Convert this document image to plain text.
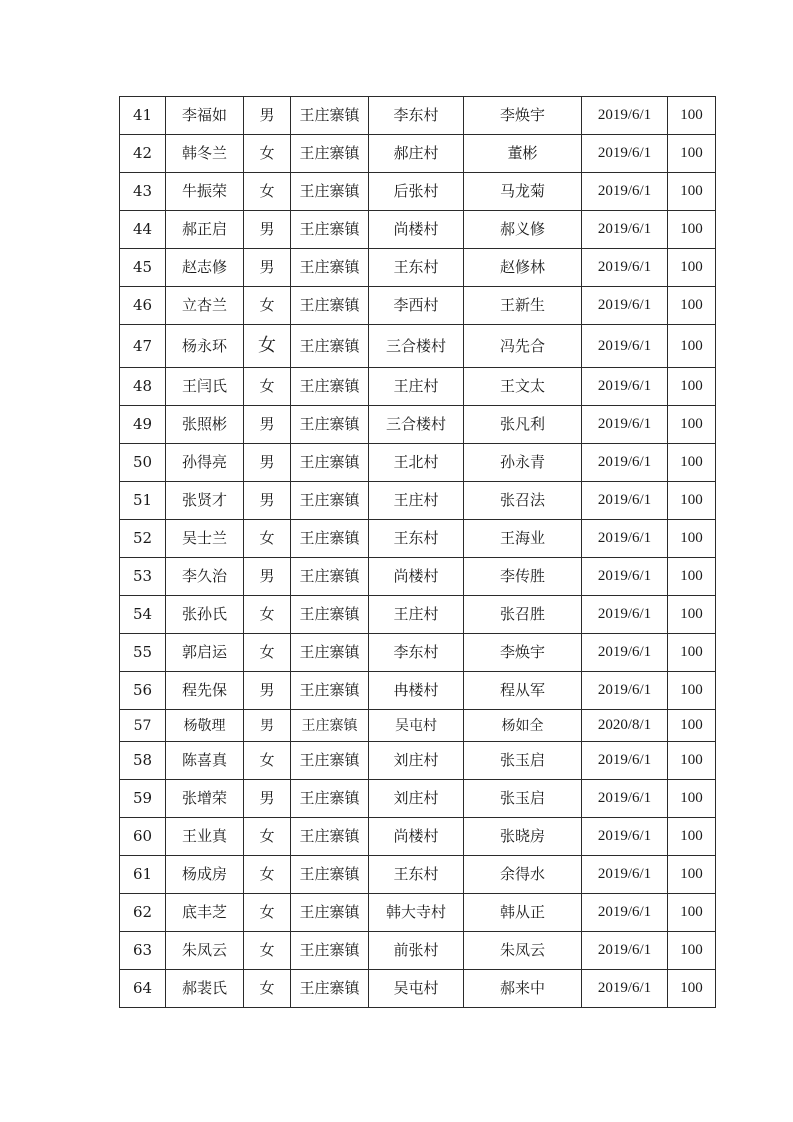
41	李福如	男	王庄寨镇	李东村	李焕宇	2019/6/1	100
42	韩冬兰	女	王庄寨镇	郝庄村	董彬	2019/6/1	100
43	牛振荣	女	王庄寨镇	后张村	马龙菊	2019/6/1	100
44	郝正启	男	王庄寨镇	尚楼村	郝义修	2019/6/1	100
45	赵志修	男	王庄寨镇	王东村	赵修林	2019/6/1	100
46	立杏兰	女	王庄寨镇	李西村	王新生	2019/6/1	100
47	杨永环	女	王庄寨镇	三合楼村	冯先合	2019/6/1	100
48	王闫氏	女	王庄寨镇	王庄村	王文太	2019/6/1	100
49	张照彬	男	王庄寨镇	三合楼村	张凡利	2019/6/1	100
50	孙得亮	男	王庄寨镇	王北村	孙永青	2019/6/1	100
51	张贤才	男	王庄寨镇	王庄村	张召法	2019/6/1	100
52	吴士兰	女	王庄寨镇	王东村	王海业	2019/6/1	100
53	李久治	男	王庄寨镇	尚楼村	李传胜	2019/6/1	100
54	张孙氏	女	王庄寨镇	王庄村	张召胜	2019/6/1	100
55	郭启运	女	王庄寨镇	李东村	李焕宇	2019/6/1	100
56	程先保	男	王庄寨镇	冉楼村	程从军	2019/6/1	100
57	杨敬理	男	王庄寨镇	吴屯村	杨如全	2020/8/1	100
58	陈喜真	女	王庄寨镇	刘庄村	张玉启	2019/6/1	100
59	张增荣	男	王庄寨镇	刘庄村	张玉启	2019/6/1	100
60	王业真	女	王庄寨镇	尚楼村	张晓房	2019/6/1	100
61	杨成房	女	王庄寨镇	王东村	余得水	2019/6/1	100
62	底丰芝	女	王庄寨镇	韩大寺村	韩从正	2019/6/1	100
63	朱凤云	女	王庄寨镇	前张村	朱凤云	2019/6/1	100
64	郝裴氏	女	王庄寨镇	吴屯村	郝来中	2019/6/1	100
